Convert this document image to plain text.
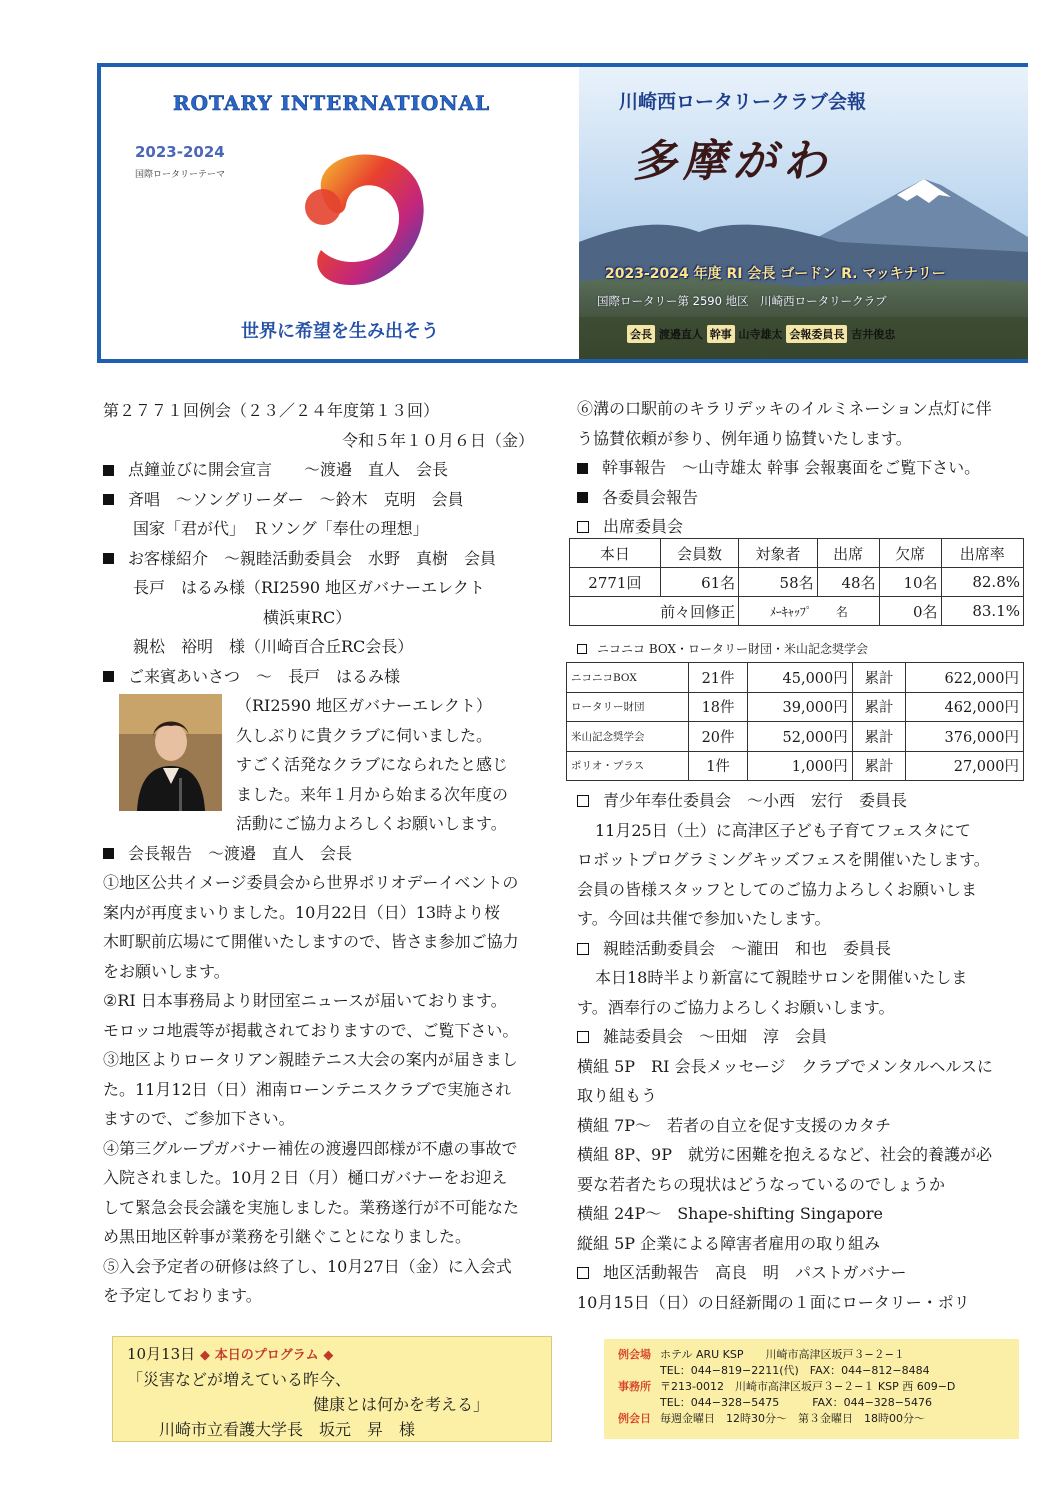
ROTARY INTERNATIONAL
2023-2024
国際ロータリーテーマ
世界に希望を生み出そう
川崎西ロータリークラブ会報
多摩がわ
2023-2024 年度 RI 会長 ゴードン R. マッキナリー
国際ロータリー第 2590 地区　川崎西ロータリークラブ
会長 渡邉直人 幹事 山寺雄太 会報委員長 吉井俊忠
第２７７１回例会（２３／２４年度第１３回）
令和５年１０月６日（金）
点鐘並びに開会宣言　　〜渡邉　直人　会長
斉唱　〜ソングリーダー　〜鈴木　克明　会員
国家「君が代」　Ｒソング「奉仕の理想」
お客様紹介　〜親睦活動委員会　水野　真樹　会員
長戸　はるみ様（RI2590 地区ガバナーエレクト
横浜東RC）
親松　裕明　様（川崎百合丘RC会長）
ご来賓あいさつ　〜　長戸　はるみ様
（RI2590 地区ガバナーエレクト）
久しぶりに貴クラブに伺いました。
すごく活発なクラブになられたと感じ
ました。来年１月から始まる次年度の
活動にご協力よろしくお願いします。
会長報告　〜渡邉　直人　会長
①地区公共イメージ委員会から世界ポリオデーイベントの
案内が再度まいりました。10月22日（日）13時より桜
木町駅前広場にて開催いたしますので、皆さま参加ご協力
をお願いします。
②RI 日本事務局より財団室ニュースが届いております。
モロッコ地震等が掲載されておりますので、ご覧下さい。
③地区よりロータリアン親睦テニス大会の案内が届きまし
た。11月12日（日）湘南ローンテニスクラブで実施され
ますので、ご参加下さい。
④第三グループガバナー補佐の渡邊四郎様が不慮の事故で
入院されました。10月２日（月）樋口ガバナーをお迎え
して緊急会長会議を実施しました。業務遂行が不可能なた
め黒田地区幹事が業務を引継ぐことになりました。
⑤入会予定者の研修は終了し、10月27日（金）に入会式
を予定しております。
⑥溝の口駅前のキラリデッキのイルミネーション点灯に伴
う協賛依頼が参り、例年通り協賛いたします。
幹事報告　〜山寺雄太 幹事 会報裏面をご覧下さい。
各委員会報告
出席委員会
本日	会員数	対象者	出席	欠席	出席率
2771回	61名	58名	48名	10名	82.8%
前々回修正		ﾒｰｷｬｯﾌﾟ　　名		0名	83.1%
ニコニコ BOX・ロータリー財団・米山記念奨学会
ニコニコBOX	21件	45,000円	累計	622,000円
ロータリー財団	18件	39,000円	累計	462,000円
米山記念奨学会	20件	52,000円	累計	376,000円
ポリオ・プラス	1件	1,000円	累計	27,000円
青少年奉仕委員会　〜小西　宏行　委員長
11月25日（土）に高津区子ども子育てフェスタにて
ロボットプログラミングキッズフェスを開催いたします。
会員の皆様スタッフとしてのご協力よろしくお願いしま
す。今回は共催で参加いたします。
親睦活動委員会　〜瀧田　和也　委員長
本日18時半より新富にて親睦サロンを開催いたしま
す。酒奉行のご協力よろしくお願いします。
雑誌委員会　〜田畑　淳　会員
横組 5P　RI 会長メッセージ　クラブでメンタルヘルスに
取り組もう
横組 7P〜　若者の自立を促す支援のカタチ
横組 8P、9P　就労に困難を抱えるなど、社会的養護が必
要な若者たちの現状はどうなっているのでしょうか
横組 24P〜　Shape-shifting Singapore
縦組 5P 企業による障害者雇用の取り組み
地区活動報告　高良　明　パストガバナー
10月15日（日）の日経新聞の１面にロータリー・ポリ
10月13日 ◆ 本日のプログラム ◆
「災害などが増えている昨今、
健康とは何かを考える」
川崎市立看護大学長　坂元　昇　様
例会場 ホテル ARU KSP　　川崎市高津区坂戸３−２−１
TEL：044−819−2211(代)　FAX：044−812−8484
事務所 〒213-0012　川崎市高津区坂戸３−２−１ KSP 西 609−D
TEL：044−328−5475　　　FAX：044−328−5476
例会日 毎週金曜日　12時30分〜　第３金曜日　18時00分〜
